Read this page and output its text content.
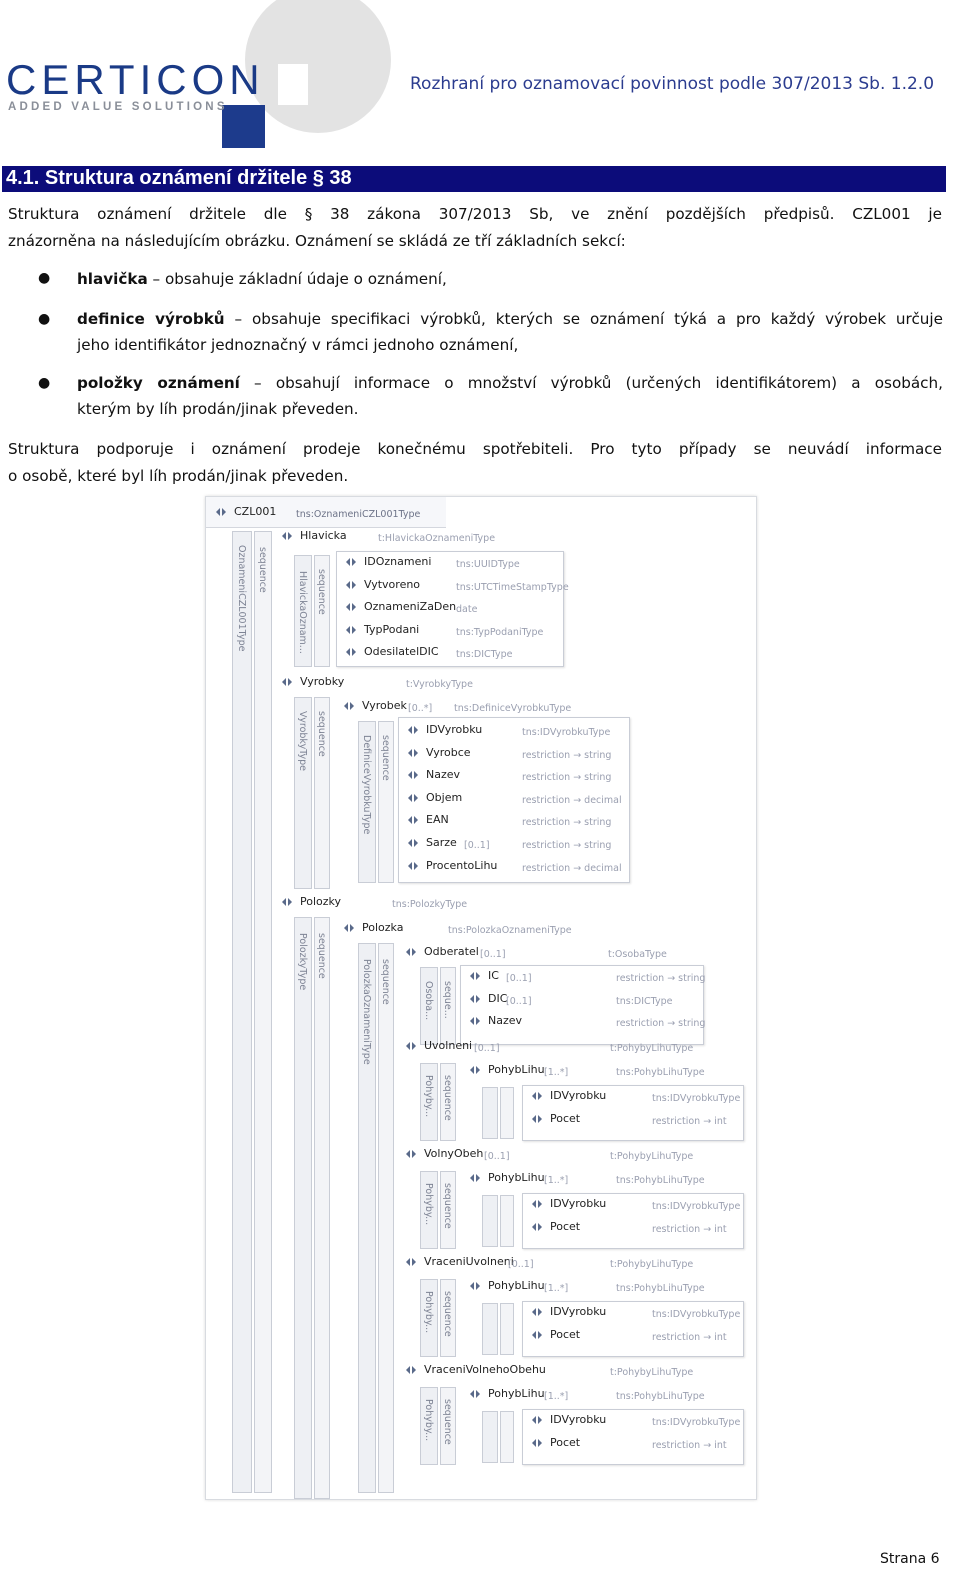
CERTICON
ADDED VALUE SOLUTIONS
Rozhraní pro oznamovací povinnost podle 307/2013 Sb. 1.2.0
4.1. Struktura oznámení držitele § 38
Struktura oznámení držitele dle § 38 zákona 307/2013 Sb, ve znění pozdějších předpisů. CZL001 je
znázorněna na následujícím obrázku. Oznámení se skládá ze tří základních sekcí:
● hlavička – obsahuje základní údaje o oznámení,
● definice výrobků – obsahuje specifikaci výrobků, kterých se oznámení týká a pro každý výrobek určuje
jeho identifikátor jednoznačný v rámci jednoho oznámení,
● položky oznámení – obsahují informace o množství výrobků (určených identifikátorem) a osobách,
kterým by líh prodán/jinak převeden.
Struktura podporuje i oznámení prodeje konečnému spotřebiteli. Pro tyto případy se neuvádí informace
o osobě, které byl líh prodán/jinak převeden.
CZL001 tns:OznameniCZL001Type
OznameniCZL001Type sequence
Hlavicka	t:HlavickaOznameniType
HlavickaOznam... sequence
Vyrobky	t:VyrobkyType
VyrobkyType sequence
Vyrobek [0..*] tns:DefiniceVyrobkuType
DefiniceVyrobkuType sequence
Polozky	tns:PolozkyType
PolozkyType sequence
Polozka	tns:PolozkaOznameniType
PolozkaOznameniType sequence
Odberatel [0..1]	t:OsobaType
Osoba... seque...
IDOznameni	tns:UUIDType
Vytvoreno	tns:UTCTimeStampType
OznameniZaDen date
TypPodani	tns:TypPodaniType
OdesilatelDIC tns:DICType
IDVyrobku	tns:IDVyrobkuType
Vyrobce	restriction → string
Nazev	restriction → string
Objem	restriction → decimal
EAN	restriction → string
Sarze [0..1]	restriction → string
ProcentoLihu	restriction → decimal
IC [0..1]	restriction → string
DIC
[0..1]	tns:DICType
Nazev	restriction → string
Uvolneni [0..1]	t:PohybyLihuType
Pohyby... sequence
PohybLihu [1..*]	tns:PohybLihuType
IDVyrobku	tns:IDVyrobkuType
Pocet	restriction → int
VolnyObeh [0..1]	t:PohybyLihuType
Pohyby... sequence
PohybLihu [1..*]	tns:PohybLihuType
IDVyrobku	tns:IDVyrobkuType
Pocet	restriction → int
VraceniUvolneni
[0..1]	t:PohybyLihuType
Pohyby... sequence
PohybLihu [1..*]	tns:PohybLihuType
IDVyrobku	tns:IDVyrobkuType
Pocet	restriction → int
VraceniVolnehoObehu	t:PohybyLihuType
Pohyby... sequence
PohybLihu [1..*]	tns:PohybLihuType
IDVyrobku	tns:IDVyrobkuType
Pocet	restriction → int
Strana 6
